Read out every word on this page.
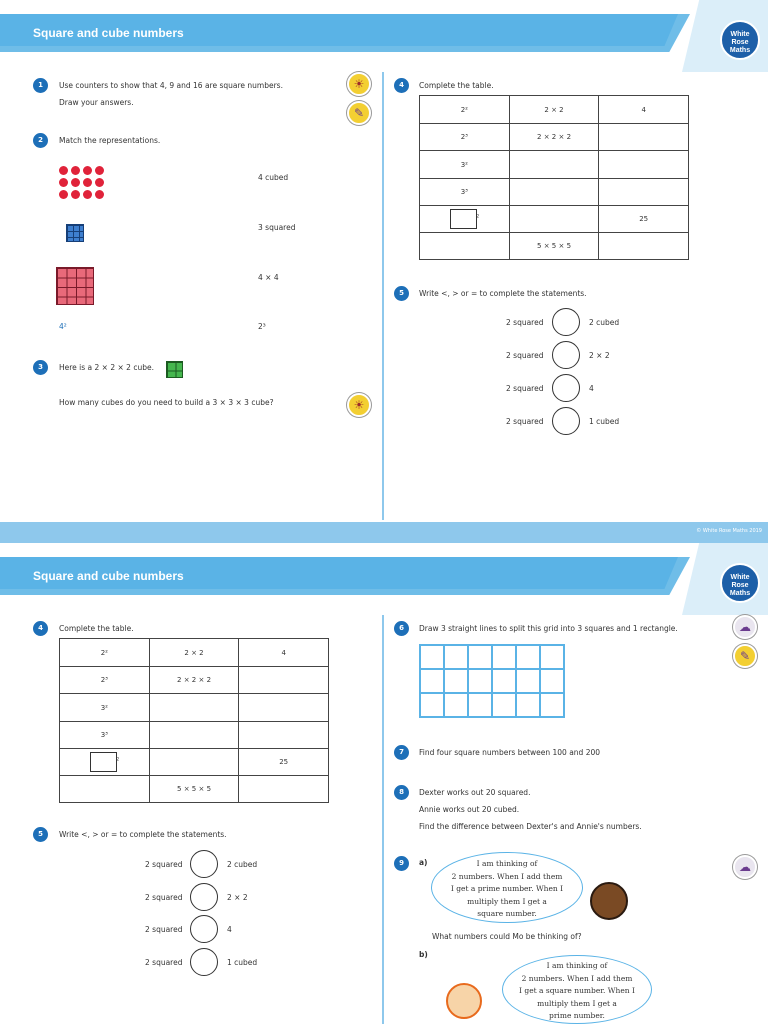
Square and cube numbers	White
Rose
Maths
1	Use counters to show that 4, 9 and 16 are square numbers.
Draw your answers.
☀
✎
2	Match the representations.
4²
4 cubed
3 squared
4 × 4
2³
3	Here is a 2 × 2 × 2 cube.
How many cubes do you need to build a 3 × 3 × 3 cube?	☀
4	Complete the table.
2²	2 × 2	4
2³	2 × 2 × 2	
3²		
3³		
$^2$		25
	5 × 5 × 5	
5	Write <, > or = to complete the statements.
2 squared	2 cubed
2 squared	2 × 2
2 squared	4
2 squared	1 cubed
© White Rose Maths 2019
Square and cube numbers	White
Rose
Maths
4	Complete the table.
2²	2 × 2	4
2³	2 × 2 × 2	
3²		
3³		
$^2$		25
	5 × 5 × 5	
5	Write <, > or = to complete the statements.
2 squared	2 cubed
2 squared	2 × 2
2 squared	4
2 squared	1 cubed
6	Draw 3 straight lines to split this grid into 3 squares and 1 rectangle.	☁
✎
7	Find four square numbers between 100 and 200
8	Dexter works out 20 squared.
Annie works out 20 cubed.
Find the difference between Dexter's and Annie's numbers.
9	a)	☁
I am thinking of
2 numbers. When I add them
I get a prime number. When I
multiply them I get a
square number.
What numbers could Mo be thinking of?
b)
I am thinking of
2 numbers. When I add them
I get a square number. When I
multiply them I get a
prime number.
